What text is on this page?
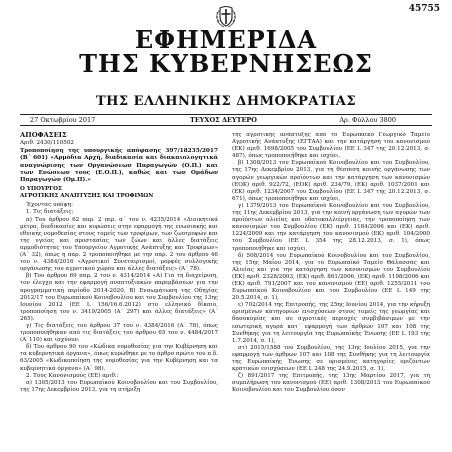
45755
ΕΦΗΜΕΡΙΔΑ
ΤΗΣ ΚΥΒΕΡΝΗΣΕΩΣ
ΤΗΣ ΕΛΛΗΝΙΚΗΣ ΔΗΜΟΚΡΑΤΙΑΣ
27 Οκτωβρίου 2017	ΤΕΥΧΟΣ ΔΕΥΤΕΡΟ	Αρ. Φύλλου 3800
ΑΠΟΦΑΣΕΙΣ
Αριθ. 2430/110502
Τροποποίηση της υπουργικής απόφασης 397/18235/2017 (Β΄ 601) «Αρμόδια Αρχή, διαδικασία και διακαιολογητικά αναγνώρισης των Οργανώσεων Παραγωγών (Ο.Π.) και των Ενώσεων τους (Ε.Ο.Π.), καθώς και των Ομάδων Παραγωγών (Ομ.Π).»
Ο ΥΠΟΥΡΓΟΣ
ΑΓΡΟΤΙΚΗΣ ΑΝΑΠΤΥΞΗΣ ΚΑΙ ΤΡΟΦΙΜΩΝ

Έχοντας υπόψη:

1. Τις διατάξεις:

α) Του άρθρου 62 παρ. 2 περ. α΄ του ν. 4235/2014 «Διοικητικά μέτρα, διαδικασίες και κυρώσεις στην εφαρμογή της ενωσιακής και εθνικής νομοθεσίας στους τομείς των τροφίμων, των ζωοτροφών και της υγείας και προστασίας των ζώων και άλλες διατάξεις αρμοδιότητας του Υπουργείου Αγροτικής Ανάπτυξης και Τροφίμων» (Α΄ 32), όπως η παρ. 2 τροποποιήθηκε με την παρ. 2 του άρθρου 46 του ν. 4384/2016 «Αγροτικοί Συνεταιρισμοί, μορφές συλλογικής οργάνωσης του αγροτικού χώρου και άλλες διατάξεις» (Α΄ 78).

β) Του άρθρου 69 παρ. 2 του ν. 4314/2014 «Α) Για τη διαχείριση, τον έλεγχο και την εφαρμογή αναπτυξιακών παρεμβάσεων για την προγραμματική περίοδο 2014-2020, Β) Ενσωμάτωση της Οδηγίας 2012/17 του Ευρωπαϊκού Κοινοβουλίου και του Συμβουλίου της 13ης Ιουνίου 2012 (ΕΕ L 156/16.6.2012) στο ελληνικό δίκαιο, τροποποίηση του ν. 3419/2005 (Α΄ 297) και άλλες διατάξεις» (Α΄ 265).

γ) Τις διατάξεις του άρθρου 37 του ν. 4384/2016 (Α΄ 78), όπως τροποποιήθηκαν από τις διατάξεις του άρθρου 65 του ν. 4484/2017 (Α΄110) και ισχύουν.

δ) Του άρθρου 90 του «Κώδικα νομοθεσίας για την Κυβέρνηση και τα κυβερνητικά όργανα», όπως κυρώθηκε με το άρθρο πρώτο του π.δ. 63/2005 «Κωδικοποίηση της νομοθεσίας για την Κυβέρνηση και τα κυβερνητικά όργανα» (Α΄ 98).

2. Τους Κανονισμούς (ΕΕ) αριθ.:

α) 1305/2013 του Ευρωπαϊκού Κοινοβουλίου και του Συμβουλίου, της 17ης Δεκεμβρίου 2013, για τη στήριξη

της αγροτικής ανάπτυξης από το Ευρωπαϊκό Γεωργικό Ταμείο Αγροτικής Ανάπτυξης (ΕΓΤΑΑ) και την κατάργηση του κανονισμού (ΕΚ) αριθ. 1698/2005 του Συμβουλίου (ΕΕ L 347 της 20.12.2013, σ. 487), όπως τροποποιήθηκε και ισχύει,

β) 1308/2013 του Ευρωπαϊκού Κοινοβουλίου και του Συμβουλίου, της 17ης Δεκεμβρίου 2013, για τη θέσπιση κοινής οργάνωσης των αγορών γεωργικών προϊόντων και την κατάργηση των κανονισμών (ΕΟΚ) αριθ. 922/72, (ΕΟΚ) αριθ. 234/79, (ΕΚ) αριθ. 1037/2001 και (ΕΚ) αριθ. 1234/2007 του Συμβουλίου (ΕΕ L 347 της 20.12.2013, σ. 671), όπως τροποποιήθηκε και ισχύει,

γ) 1379/2013 του Ευρωπαϊκού Κοινοβουλίου και του Συμβουλίου, της 11ης Δεκεμβρίου 2013, για την κοινή οργάνωση των αγορών των προϊόντων αλιείας και υδατοκαλλιέργειας, την τροποποίηση των κανονισμών του Συμβουλίου (ΕΚ) αριθ. 1184/2006 και (ΕΚ) αριθ. 1224/2009 και την κατάργηση του κανονισμού (ΕΚ) αριθ. 104/2000 του Συμβουλίου (ΕΕ L 354 της 28.12.2013, σ. 1), όπως τροποποιήθηκε και ισχύει,

δ) 508/2014 του Ευρωπαϊκού Κοινοβουλίου και του Συμβουλίου, της 15ης Μαΐου 2014, για το Ευρωπαϊκό Ταμείο Θάλασσας και Αλιείας και για την κατάργηση των κανονισμών του Συμβουλίου (ΕΚ) αριθ. 2328/2003, (ΕΚ) αριθ. 861/2006, (ΕΚ) αριθ. 1198/2006 και (ΕΚ) αριθ. 791/2007 και του κανονισμού (ΕΕ) αριθ. 1255/2011 του Ευρωπαϊκού Κοινοβουλίου και του Συμβουλίου (ΕΕ L 149 της 20.5.2014, σ. 1),

ε) 702/2014 της Επιτροπής, της 25ης Ιουνίου 2014, για την κήρυξη ορισμένων κατηγοριών ενισχύσεων στους τομείς της γεωργίας και δασοκομίας και σε αγροτικές περιοχές συμβιβάσιμων με την εσωτερική αγορά κατ΄ εφαρμογή των άρθρων 107 και 108 της Συνθήκης για τη λειτουργία της Ευρωπαϊκής Ένωσης (ΕΕ L 193 της 1.7.2014, σ. 1),

στ) 2015/1588 του Συμβουλίου, της 13ης Ιουλίου 2015, για την εφαρμογή των άρθρων 107 και 108 της Συνθήκης για τη λειτουργία της Ευρωπαϊκής Ένωσης σε ορισμένες κατηγορίες οριζόντων κρατικών ενισχύσεων (ΕΕ L 248 της 24.9.2015, σ. 1),

ζ) 891/2017 της Επιτροπής, της 13ης Μαρτίου 2017, για τη συμπλήρωση του κανονισμού (ΕΕ) αριθ. 1308/2013 του Ευρωπαϊκού Κοινοβουλίου και του Συμβουλίου όσον
